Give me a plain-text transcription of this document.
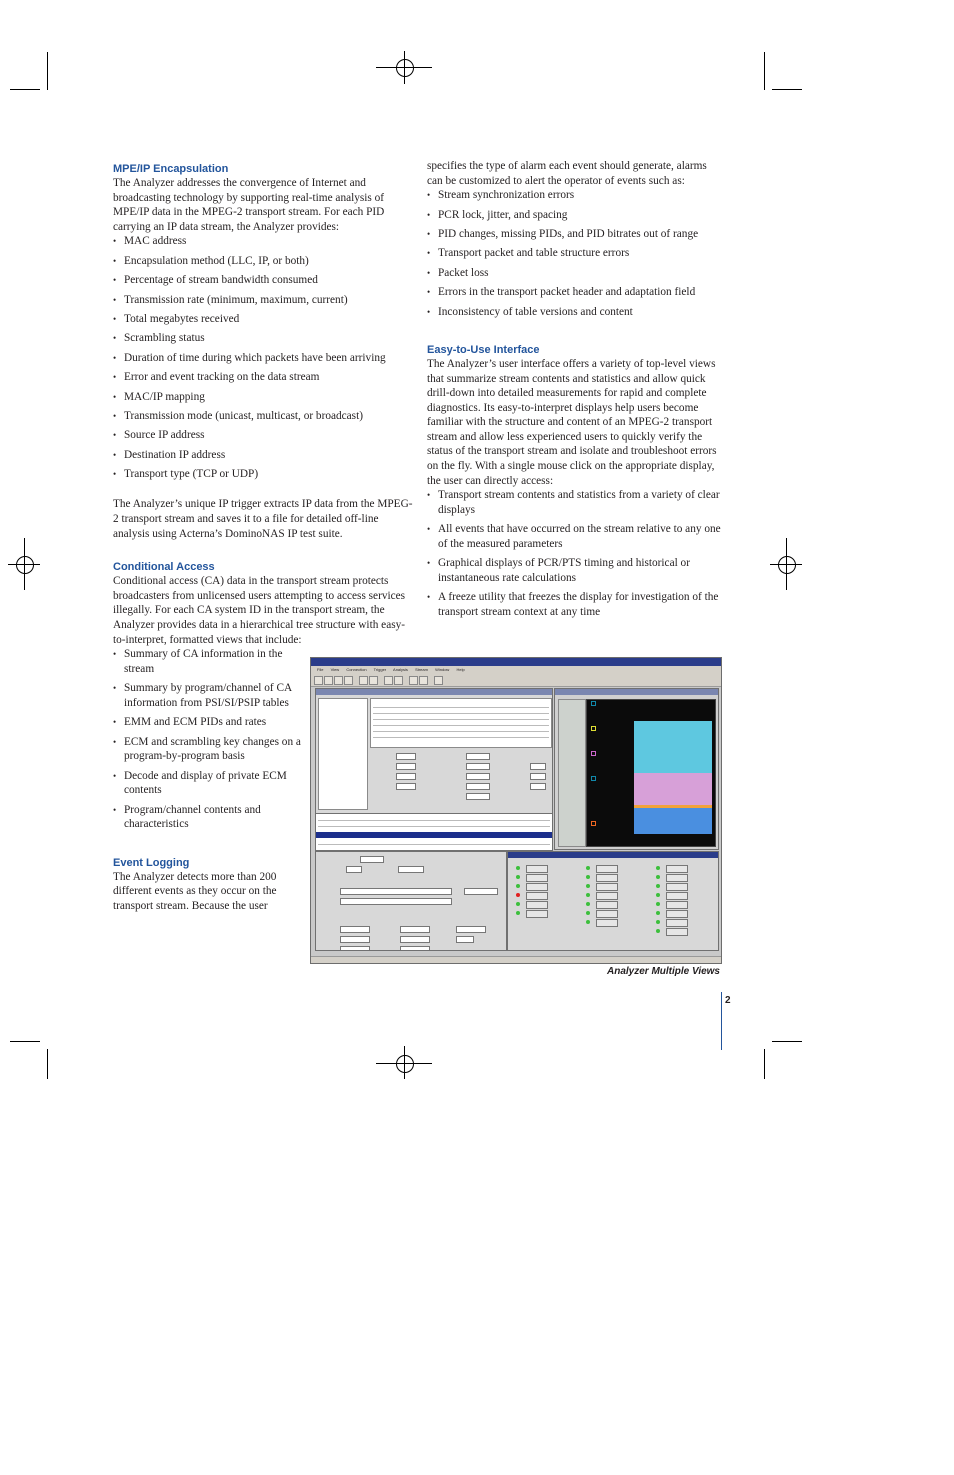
MPE/IP Encapsulation

The Analyzer addresses the convergence of Internet and broadcasting technology by supporting real-time analysis of MPE/IP data in the MPEG-2 transport stream. For each PID carrying an IP data stream, the Analyzer provides:

• MAC address
• Encapsulation method (LLC, IP, or both)
• Percentage of stream bandwidth consumed
• Transmission rate (minimum, maximum, current)
• Total megabytes received
• Scrambling status
• Duration of time during which packets have been arriving
• Error and event tracking on the data stream
• MAC/IP mapping
• Transmission mode (unicast, multicast, or broadcast)
• Source IP address
• Destination IP address
• Transport type (TCP or UDP)

The Analyzer’s unique IP trigger extracts IP data from the MPEG-2 transport stream and saves it to a file for detailed off-line analysis using Acterna’s DominoNAS IP test suite.

Conditional Access

Conditional access (CA) data in the transport stream protects broadcasters from unlicensed users attempting to access services illegally. For each CA system ID in the transport stream, the Analyzer provides data in a hierarchical tree structure with easy-to-interpret, formatted views that include:

• Summary of CA information in the stream
• Summary by program/channel of CA information from PSI/SI/PSIP tables
• EMM and ECM PIDs and rates
• ECM and scrambling key changes on a program-by-program basis
• Decode and display of private ECM contents
• Program/channel contents and characteristics
Event Logging

The Analyzer detects more than 200 different events as they occur on the transport stream. Because the user

specifies the type of alarm each event should generate, alarms can be customized to alert the operator of events such as:

• Stream synchronization errors
• PCR lock, jitter, and spacing
• PID changes, missing PIDs, and PID bitrates out of range
• Transport packet and table structure errors
• Packet loss
• Errors in the transport packet header and adaptation field
• Inconsistency of table versions and content
Easy-to-Use Interface

The Analyzer’s user interface offers a variety of top-level views that summarize stream contents and statistics and allow quick drill-down into detailed measurements for rapid and complete diagnostics. Its easy-to-interpret displays help users become familiar with the structure and content of an MPEG-2 transport stream and allow less experienced users to quickly verify the status of the transport stream and isolate and troubleshoot errors on the fly. With a single mouse click on the appropriate display, the user can directly access:

• Transport stream contents and statistics from a variety of clear displays
• All events that have occurred on the stream relative to any one of the measured parameters
• Graphical displays of PCR/PTS timing and historical or instantaneous rate calculations
• A freeze utility that freezes the display for investigation of the transport stream context at any time
File View Connection Trigger Analysis Stream Window Help
Analyzer Multiple Views
2
